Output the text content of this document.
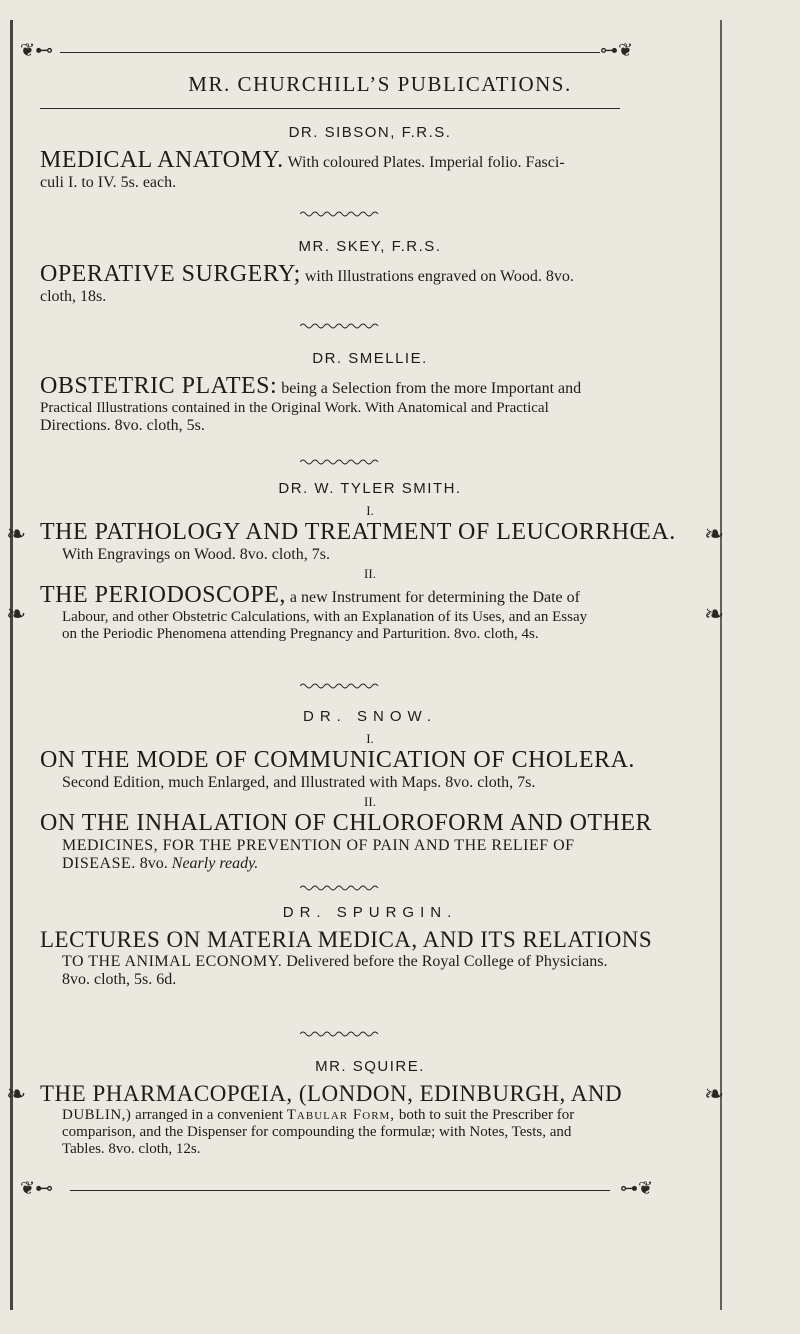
❦⊷	⊶❦
MR. CHURCHILL’S PUBLICATIONS.
DR. SIBSON, F.R.S.
MEDICAL ANATOMY. With coloured Plates. Imperial folio. Fasci-
culi I. to IV. 5s. each.
MR. SKEY, F.R.S.
OPERATIVE SURGERY; with Illustrations engraved on Wood. 8vo.
cloth, 18s.
DR. SMELLIE.
OBSTETRIC PLATES: being a Selection from the more Important and
Practical Illustrations contained in the Original Work. With Anatomical and Practical
Directions. 8vo. cloth, 5s.
DR. W. TYLER SMITH.
I.
THE PATHOLOGY AND TREATMENT OF LEUCORRHŒA.
With Engravings on Wood. 8vo. cloth, 7s.
II.
THE PERIODOSCOPE, a new Instrument for determining the Date of
Labour, and other Obstetric Calculations, with an Explanation of its Uses, and an Essay
on the Periodic Phenomena attending Pregnancy and Parturition. 8vo. cloth, 4s.
DR. SNOW.
I.
ON THE MODE OF COMMUNICATION OF CHOLERA.
Second Edition, much Enlarged, and Illustrated with Maps. 8vo. cloth, 7s.
II.
ON THE INHALATION OF CHLOROFORM AND OTHER
MEDICINES, FOR THE PREVENTION OF PAIN AND THE RELIEF OF
DISEASE. 8vo. Nearly ready.
DR. SPURGIN.
LECTURES ON MATERIA MEDICA, AND ITS RELATIONS
TO THE ANIMAL ECONOMY. Delivered before the Royal College of Physicians.
8vo. cloth, 5s. 6d.
MR. SQUIRE.
THE PHARMACOPŒIA, (LONDON, EDINBURGH, AND
DUBLIN,) arranged in a convenient Tabular Form, both to suit the Prescriber for
comparison, and the Dispenser for compounding the formulæ; with Notes, Tests, and
Tables. 8vo. cloth, 12s.
❦⊷	⊶❦
❧
❧
❧
❧
❧	❧
